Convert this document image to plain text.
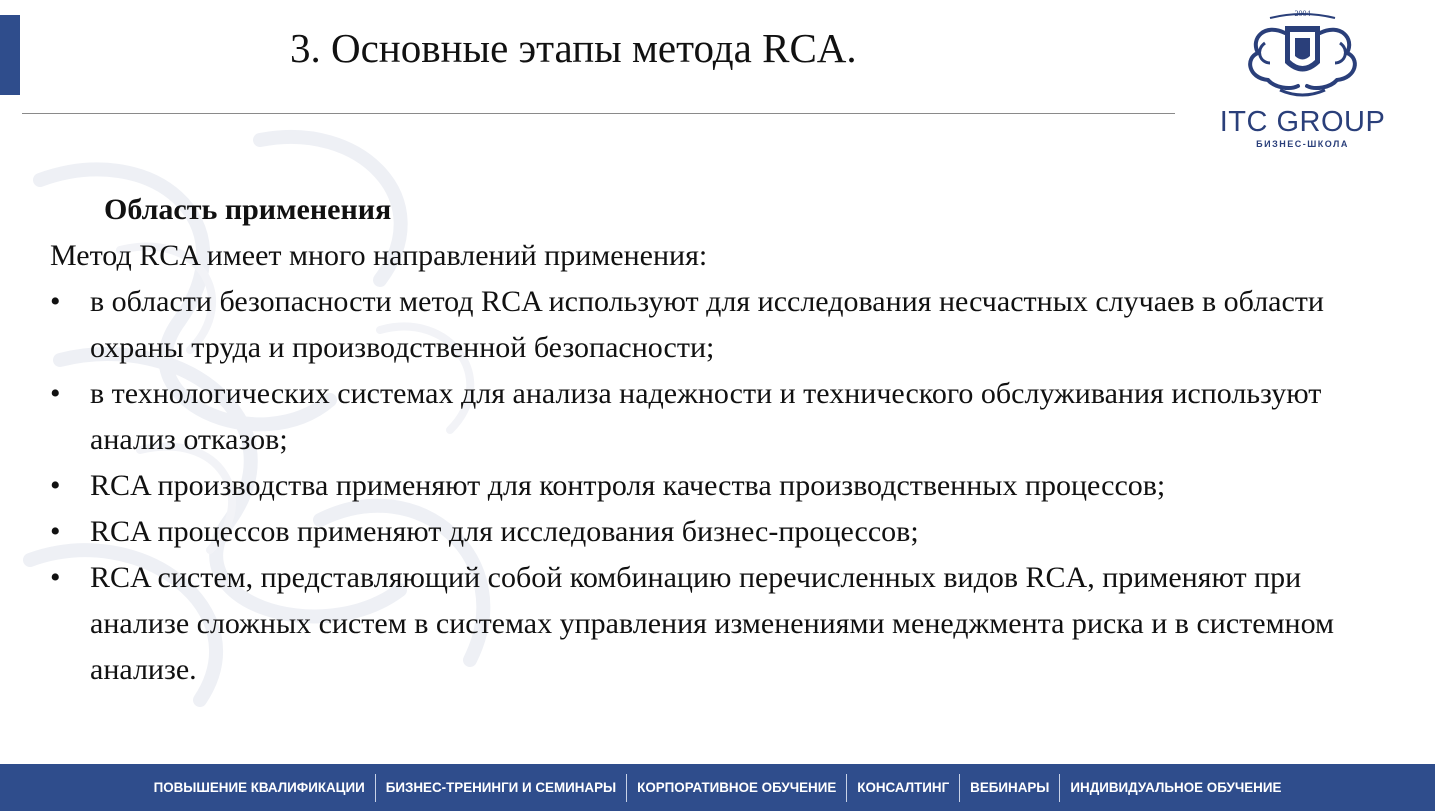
3. Основные этапы метода RCA.
2004
ITC GROUP
БИЗНЕС-ШКОЛА
Область применения

Метод RCA имеет много направлений применения:

• в области безопасности метод RCA используют для исследования несчастных случаев в области охраны труда и производственной безопасности;
• в технологических системах для анализа надежности и технического обслуживания используют анализ отказов;
• RCA производства применяют для контроля качества производственных процессов;
• RCA процессов применяют для исследования бизнес-процессов;
• RCA систем, представляющий собой комбинацию перечисленных видов RCA, применяют при анализе сложных систем в системах управления изменениями менеджмента риска и в системном анализе.
ПОВЫШЕНИЕ КВАЛИФИКАЦИИ	БИЗНЕС-ТРЕНИНГИ И СЕМИНАРЫ	КОРПОРАТИВНОЕ ОБУЧЕНИЕ	КОНСАЛТИНГ	ВЕБИНАРЫ	ИНДИВИДУАЛЬНОЕ ОБУЧЕНИЕ
